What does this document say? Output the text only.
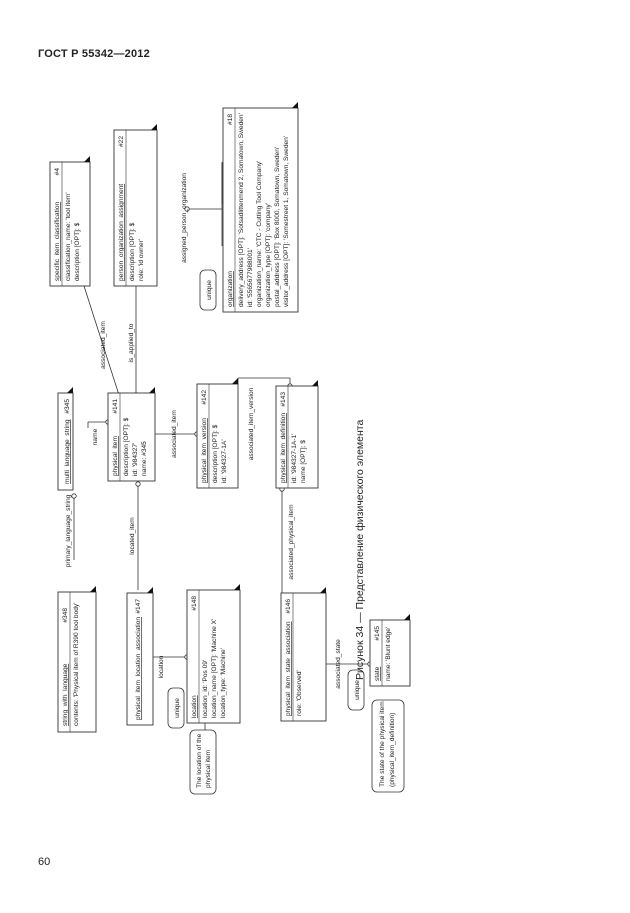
ГОСТ Р 55342—2012
primary_language_string
name
associated_item	is_applied_to
assigned_person_organization
located_item
associated_item	associated_item_version
location
associated_physical_item
associated_state
string_with_language
#348 contents: 'Physical item of R390 tool body'
multi_language_string
#345
physical_item
#141
description [OPT]: $ id: '984327' name: #345
specific_item_classification
#4
classification_name: 'tool item' description [OPT]: $	person_organization_assignment
#22
description [OPT]: $ role: 'id owner'
organization
#18 delivery_address [OPT]: 'Sotsadlittenmend 2, Somatown, Sweden' id: '5565677988001' organization_name: 'CTC - Cutting Tool Company' organization_type [OPT]: 'company' postal_address [OPT]: 'Box 8000, Somatown, Sweden' visitor_address [OPT]: 'Somestreet 1, Somatown, Sweden'
physical_item_version
#142
description [OPT]: $ id: '984327-1A'	physical_item_definition
#143
id: '984327-1A-1' name [OPT]: $
physical_item_location_association
#147
location
#148
location_id: 'Pos 09' location_name [OPT]: 'Machine X' location_type: 'Machine'	physical_item_state_association
#146
role: 'Observed'	state
#145 name: 'Blunt edge'
unique
unique
unique
The location of the physical item	The state of the physical item (physical_item_definition)
Рисунок 34 — Представление физического элемента
60
